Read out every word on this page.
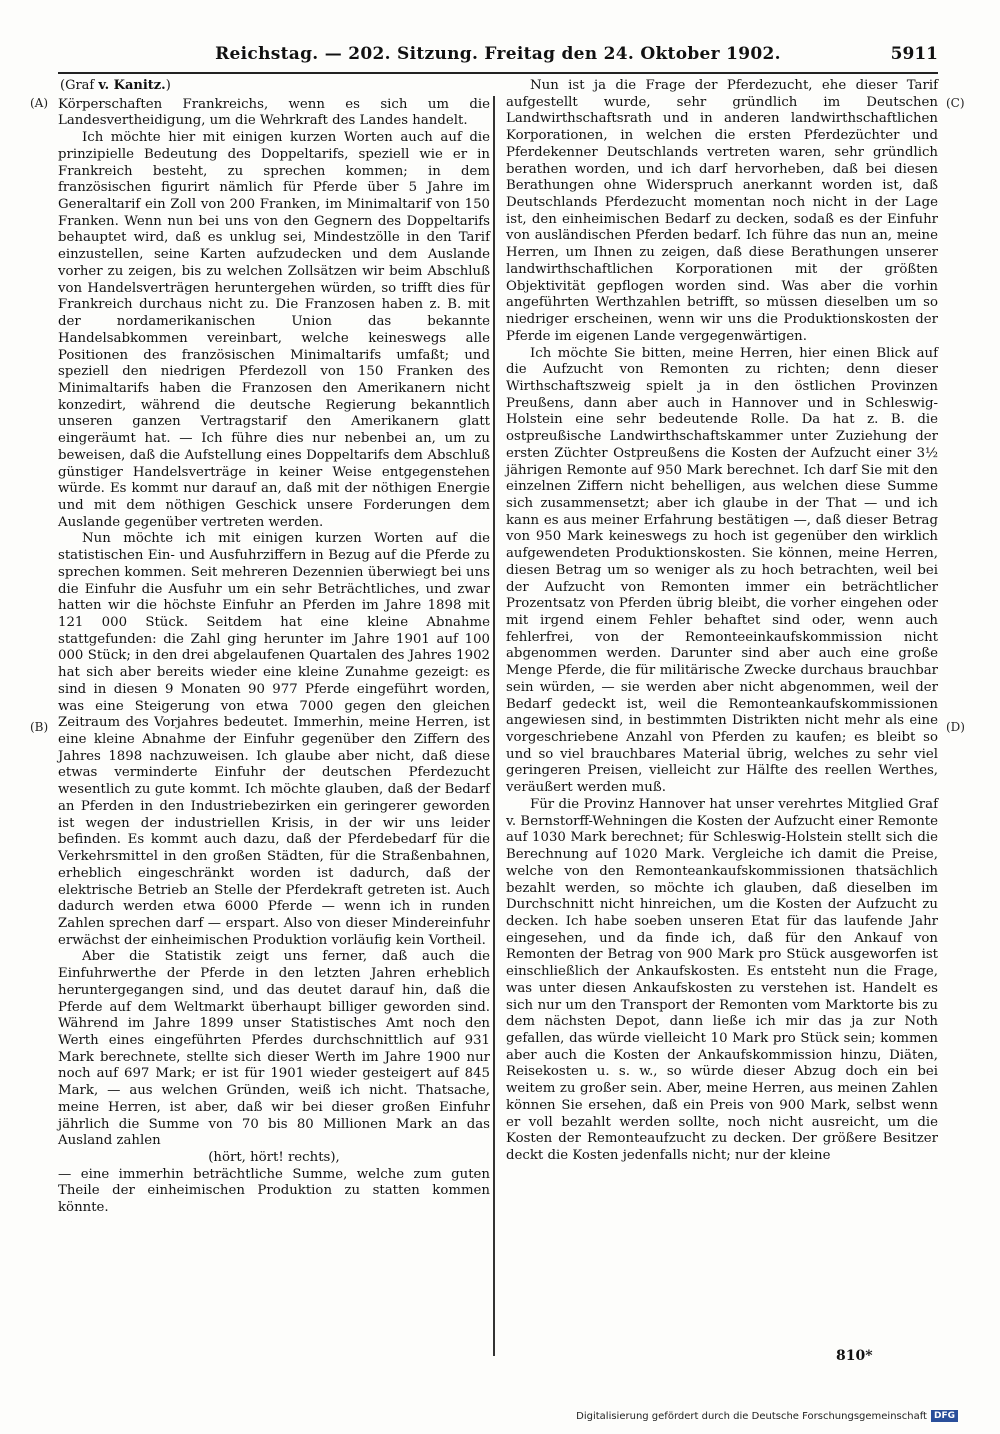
Reichstag. — 202. Sitzung. Freitag den 24. Oktober 1902.	5911
(A)
(B)
(C)
(D)
(Graf v. Kanitz.)

Körperschaften Frankreichs, wenn es sich um die Landesvertheidigung, um die Wehrkraft des Landes handelt.

Ich möchte hier mit einigen kurzen Worten auch auf die prinzipielle Bedeutung des Doppeltarifs, speziell wie er in Frankreich besteht, zu sprechen kommen; in dem französischen figurirt nämlich für Pferde über 5 Jahre im Generaltarif ein Zoll von 200 Franken, im Minimaltarif von 150 Franken. Wenn nun bei uns von den Gegnern des Doppeltarifs behauptet wird, daß es unklug sei, Mindestzölle in den Tarif einzustellen, seine Karten aufzudecken und dem Auslande vorher zu zeigen, bis zu welchen Zollsätzen wir beim Abschluß von Handelsverträgen heruntergehen würden, so trifft dies für Frankreich durchaus nicht zu. Die Franzosen haben z. B. mit der nordamerikanischen Union das bekannte Handelsabkommen vereinbart, welche keineswegs alle Positionen des französischen Minimaltarifs umfaßt; und speziell den niedrigen Pferdezoll von 150 Franken des Minimaltarifs haben die Franzosen den Amerikanern nicht konzedirt, während die deutsche Regierung bekanntlich unseren ganzen Vertragstarif den Amerikanern glatt eingeräumt hat. — Ich führe dies nur nebenbei an, um zu beweisen, daß die Aufstellung eines Doppeltarifs dem Abschluß günstiger Handelsverträge in keiner Weise entgegenstehen würde. Es kommt nur darauf an, daß mit der nöthigen Energie und mit dem nöthigen Geschick unsere Forderungen dem Auslande gegenüber vertreten werden.

Nun möchte ich mit einigen kurzen Worten auf die statistischen Ein- und Ausfuhrziffern in Bezug auf die Pferde zu sprechen kommen. Seit mehreren Dezennien überwiegt bei uns die Einfuhr die Ausfuhr um ein sehr Beträchtliches, und zwar hatten wir die höchste Einfuhr an Pferden im Jahre 1898 mit 121 000 Stück. Seitdem hat eine kleine Abnahme stattgefunden: die Zahl ging herunter im Jahre 1901 auf 100 000 Stück; in den drei abgelaufenen Quartalen des Jahres 1902 hat sich aber bereits wieder eine kleine Zunahme gezeigt: es sind in diesen 9 Monaten 90 977 Pferde eingeführt worden, was eine Steigerung von etwa 7000 gegen den gleichen Zeitraum des Vorjahres bedeutet. Immerhin, meine Herren, ist eine kleine Abnahme der Einfuhr gegenüber den Ziffern des Jahres 1898 nachzuweisen. Ich glaube aber nicht, daß diese etwas verminderte Einfuhr der deutschen Pferdezucht wesentlich zu gute kommt. Ich möchte glauben, daß der Bedarf an Pferden in den Industriebezirken ein geringerer geworden ist wegen der industriellen Krisis, in der wir uns leider befinden. Es kommt auch dazu, daß der Pferdebedarf für die Verkehrsmittel in den großen Städten, für die Straßenbahnen, erheblich eingeschränkt worden ist dadurch, daß der elektrische Betrieb an Stelle der Pferdekraft getreten ist. Auch dadurch werden etwa 6000 Pferde — wenn ich in runden Zahlen sprechen darf — erspart. Also von dieser Mindereinfuhr erwächst der einheimischen Produktion vorläufig kein Vortheil.

Aber die Statistik zeigt uns ferner, daß auch die Einfuhrwerthe der Pferde in den letzten Jahren erheblich heruntergegangen sind, und das deutet darauf hin, daß die Pferde auf dem Weltmarkt überhaupt billiger geworden sind. Während im Jahre 1899 unser Statistisches Amt noch den Werth eines eingeführten Pferdes durchschnittlich auf 931 Mark berechnete, stellte sich dieser Werth im Jahre 1900 nur noch auf 697 Mark; er ist für 1901 wieder gesteigert auf 845 Mark, — aus welchen Gründen, weiß ich nicht. Thatsache, meine Herren, ist aber, daß wir bei dieser großen Einfuhr jährlich die Summe von 70 bis 80 Millionen Mark an das Ausland zahlen

(hört, hört! rechts),

— eine immerhin beträchtliche Summe, welche zum guten Theile der einheimischen Produktion zu statten kommen könnte.

Nun ist ja die Frage der Pferdezucht, ehe dieser Tarif aufgestellt wurde, sehr gründlich im Deutschen Landwirthschaftsrath und in anderen landwirthschaftlichen Korporationen, in welchen die ersten Pferdezüchter und Pferdekenner Deutschlands vertreten waren, sehr gründlich berathen worden, und ich darf hervorheben, daß bei diesen Berathungen ohne Widerspruch anerkannt worden ist, daß Deutschlands Pferdezucht momentan noch nicht in der Lage ist, den einheimischen Bedarf zu decken, sodaß es der Einfuhr von ausländischen Pferden bedarf. Ich führe das nun an, meine Herren, um Ihnen zu zeigen, daß diese Berathungen unserer landwirthschaftlichen Korporationen mit der größten Objektivität gepflogen worden sind. Was aber die vorhin angeführten Werthzahlen betrifft, so müssen dieselben um so niedriger erscheinen, wenn wir uns die Produktionskosten der Pferde im eigenen Lande vergegenwärtigen.

Ich möchte Sie bitten, meine Herren, hier einen Blick auf die Aufzucht von Remonten zu richten; denn dieser Wirthschaftszweig spielt ja in den östlichen Provinzen Preußens, dann aber auch in Hannover und in Schleswig-Holstein eine sehr bedeutende Rolle. Da hat z. B. die ostpreußische Landwirthschaftskammer unter Zuziehung der ersten Züchter Ostpreußens die Kosten der Aufzucht einer 3½ jährigen Remonte auf 950 Mark berechnet. Ich darf Sie mit den einzelnen Ziffern nicht behelligen, aus welchen diese Summe sich zusammensetzt; aber ich glaube in der That — und ich kann es aus meiner Erfahrung bestätigen —, daß dieser Betrag von 950 Mark keineswegs zu hoch ist gegenüber den wirklich aufgewendeten Produktionskosten. Sie können, meine Herren, diesen Betrag um so weniger als zu hoch betrachten, weil bei der Aufzucht von Remonten immer ein beträchtlicher Prozentsatz von Pferden übrig bleibt, die vorher eingehen oder mit irgend einem Fehler behaftet sind oder, wenn auch fehlerfrei, von der Remonteeinkaufskommission nicht abgenommen werden. Darunter sind aber auch eine große Menge Pferde, die für militärische Zwecke durchaus brauchbar sein würden, — sie werden aber nicht abgenommen, weil der Bedarf gedeckt ist, weil die Remonteankaufskommissionen angewiesen sind, in bestimmten Distrikten nicht mehr als eine vorgeschriebene Anzahl von Pferden zu kaufen; es bleibt so und so viel brauchbares Material übrig, welches zu sehr viel geringeren Preisen, vielleicht zur Hälfte des reellen Werthes, veräußert werden muß.

Für die Provinz Hannover hat unser verehrtes Mitglied Graf v. Bernstorff-Wehningen die Kosten der Aufzucht einer Remonte auf 1030 Mark berechnet; für Schleswig-Holstein stellt sich die Berechnung auf 1020 Mark. Vergleiche ich damit die Preise, welche von den Remonteankaufskommissionen thatsächlich bezahlt werden, so möchte ich glauben, daß dieselben im Durchschnitt nicht hinreichen, um die Kosten der Aufzucht zu decken. Ich habe soeben unseren Etat für das laufende Jahr eingesehen, und da finde ich, daß für den Ankauf von Remonten der Betrag von 900 Mark pro Stück ausgeworfen ist einschließlich der Ankaufskosten. Es entsteht nun die Frage, was unter diesen Ankaufskosten zu verstehen ist. Handelt es sich nur um den Transport der Remonten vom Marktorte bis zu dem nächsten Depot, dann ließe ich mir das ja zur Noth gefallen, das würde vielleicht 10 Mark pro Stück sein; kommen aber auch die Kosten der Ankaufskommission hinzu, Diäten, Reisekosten u. s. w., so würde dieser Abzug doch ein bei weitem zu großer sein. Aber, meine Herren, aus meinen Zahlen können Sie ersehen, daß ein Preis von 900 Mark, selbst wenn er voll bezahlt werden sollte, noch nicht ausreicht, um die Kosten der Remonteaufzucht zu decken. Der größere Besitzer deckt die Kosten jedenfalls nicht; nur der kleine

810*
Digitalisierung gefördert durch die Deutsche Forschungsgemeinschaft DFG
